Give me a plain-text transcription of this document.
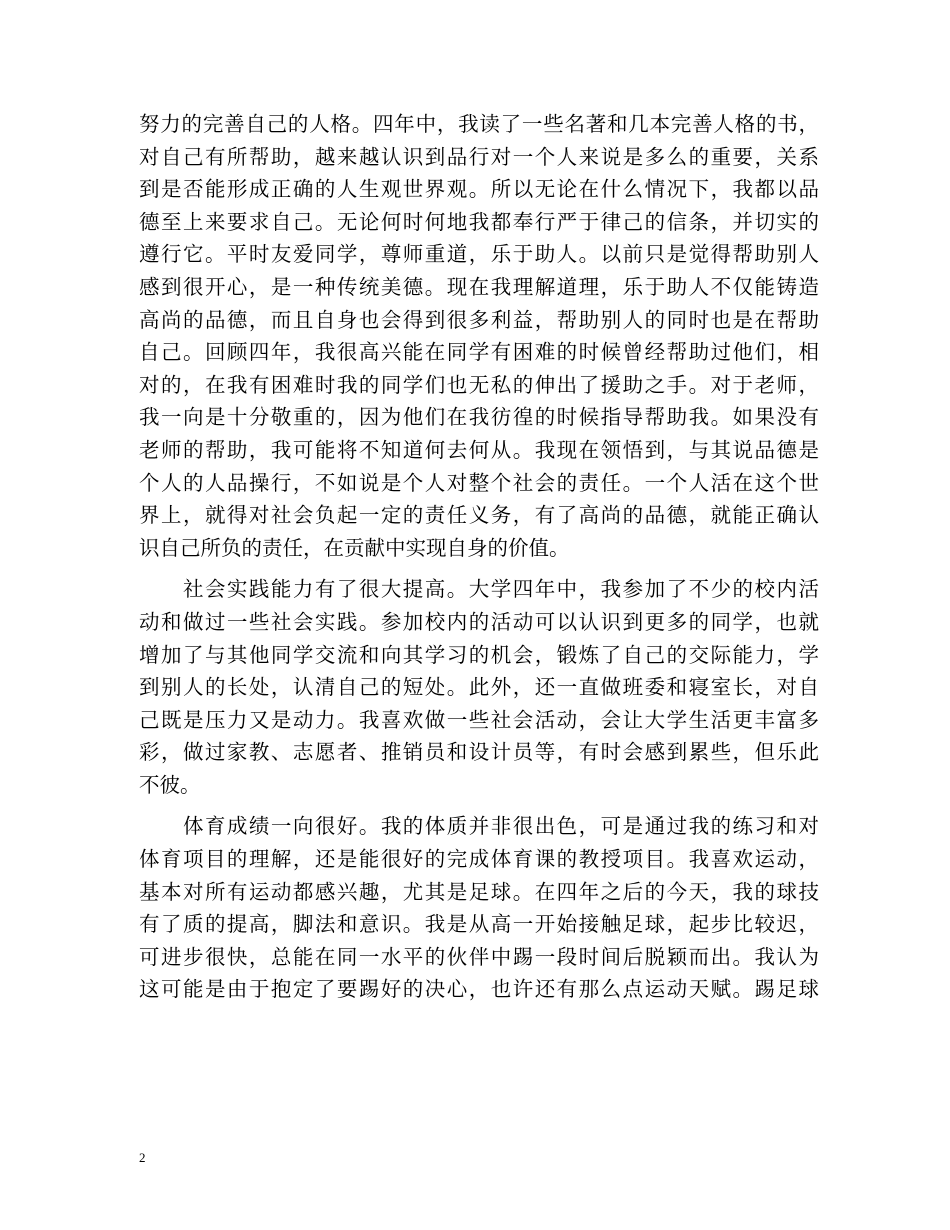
努力的完善自己的人格。四年中，我读了一些名著和几本完善人格的书，
对自己有所帮助，越来越认识到品行对一个人来说是多么的重要，关系
到是否能形成正确的人生观世界观。所以无论在什么情况下，我都以品
德至上来要求自己。无论何时何地我都奉行严于律己的信条，并切实的
遵行它。平时友爱同学，尊师重道，乐于助人。以前只是觉得帮助别人
感到很开心，是一种传统美德。现在我理解道理，乐于助人不仅能铸造
高尚的品德，而且自身也会得到很多利益，帮助别人的同时也是在帮助
自己。回顾四年，我很高兴能在同学有困难的时候曾经帮助过他们，相
对的，在我有困难时我的同学们也无私的伸出了援助之手。对于老师，
我一向是十分敬重的，因为他们在我彷徨的时候指导帮助我。如果没有
老师的帮助，我可能将不知道何去何从。我现在领悟到，与其说品德是
个人的人品操行，不如说是个人对整个社会的责任。一个人活在这个世
界上，就得对社会负起一定的责任义务，有了高尚的品德，就能正确认
识自己所负的责任，在贡献中实现自身的价值。
　　社会实践能力有了很大提高。大学四年中，我参加了不少的校内活
动和做过一些社会实践。参加校内的活动可以认识到更多的同学，也就
增加了与其他同学交流和向其学习的机会，锻炼了自己的交际能力，学
到别人的长处，认清自己的短处。此外，还一直做班委和寝室长，对自
己既是压力又是动力。我喜欢做一些社会活动，会让大学生活更丰富多
彩，做过家教、志愿者、推销员和设计员等，有时会感到累些，但乐此
不彼。
　　体育成绩一向很好。我的体质并非很出色，可是通过我的练习和对
体育项目的理解，还是能很好的完成体育课的教授项目。我喜欢运动，
基本对所有运动都感兴趣，尤其是足球。在四年之后的今天，我的球技
有了质的提高，脚法和意识。我是从高一开始接触足球，起步比较迟，
可进步很快，总能在同一水平的伙伴中踢一段时间后脱颖而出。我认为
这可能是由于抱定了要踢好的决心，也许还有那么点运动天赋。踢足球
2
